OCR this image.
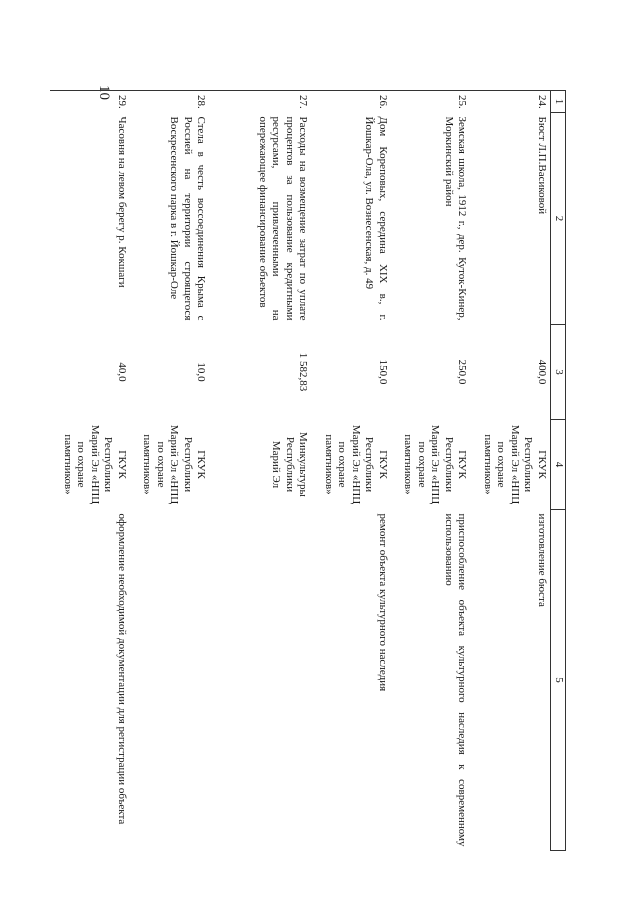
10
1	2	3	4	5
24.	Бюст Л.П.Васиковой	400,0	ГКУК Республики Марий Эл «НПЦ по охране памятников»	изготовление бюста
25.	Земская школа, 1912 г., дер. Куток-Кинер, Моркинский район	250,0	ГКУК Республики Марий Эл «НПЦ по охране памятников»	приспособление объекта культурного наследия к современному использованию
26.	Дом Кореповых, середина XIX в., г. Йошкар-Ола, ул. Вознесенская, д. 49	150,0	ГКУК Республики Марий Эл «НПЦ по охране памятников»	ремонт объекта культурного наследия
27.	Расходы на возмещение затрат по уплате процентов за пользование кредитными ресурсами, привлеченными на опережающее финансирование объектов	1 582,83	Минкультуры Республики Марий Эл	
28.	Стела в честь воссоединения Крыма с Россией на территории строящегося Воскресенского парка в г. Йошкар-Оле	10,0	ГКУК Республики Марий Эл «НПЦ по охране памятников»	
29.	Часовня на левом берегу р. Кокшаги	40,0	ГКУК Республики Марий Эл «НПЦ по охране памятников»	оформление необходимой документации для регистрации объекта
